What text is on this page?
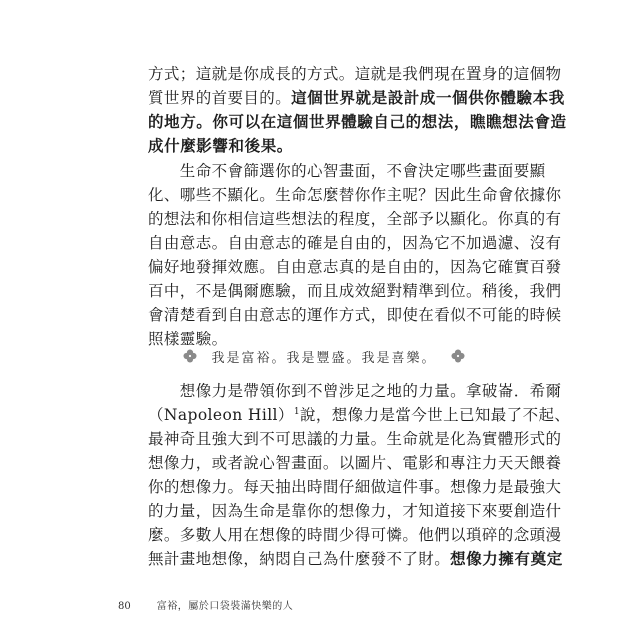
方式；這就是你成長的方式。這就是我們現在置身的這個物
質世界的首要目的。這個世界就是設計成一個供你體驗本我
的地方。你可以在這個世界體驗自己的想法，瞧瞧想法會造
成什麼影響和後果。
　　生命不會篩選你的心智畫面，不會決定哪些畫面要顯
化、哪些不顯化。生命怎麼替你作主呢？因此生命會依據你
的想法和你相信這些想法的程度，全部予以顯化。你真的有
自由意志。自由意志的確是自由的，因為它不加過濾、沒有
偏好地發揮效應。自由意志真的是自由的，因為它確實百發
百中，不是偶爾應驗，而且成效絕對精準到位。稍後，我們
會清楚看到自由意志的運作方式，即使在看似不可能的時候
照樣靈驗。
我是富裕。我是豐盛。我是喜樂。
　　想像力是帶領你到不曾涉足之地的力量。拿破崙．希爾
（Napoleon Hill）$^1$說，想像力是當今世上已知最了不起、
最神奇且強大到不可思議的力量。生命就是化為實體形式的
想像力，或者說心智畫面。以圖片、電影和專注力天天餵養
你的想像力。每天抽出時間仔細做這件事。想像力是最強大
的力量，因為生命是靠你的想像力，才知道接下來要創造什
麼。多數人用在想像的時間少得可憐。他們以瑣碎的念頭漫
無計畫地想像，納悶自己為什麼發不了財。想像力擁有奠定
80	富裕，屬於口袋裝滿快樂的人
